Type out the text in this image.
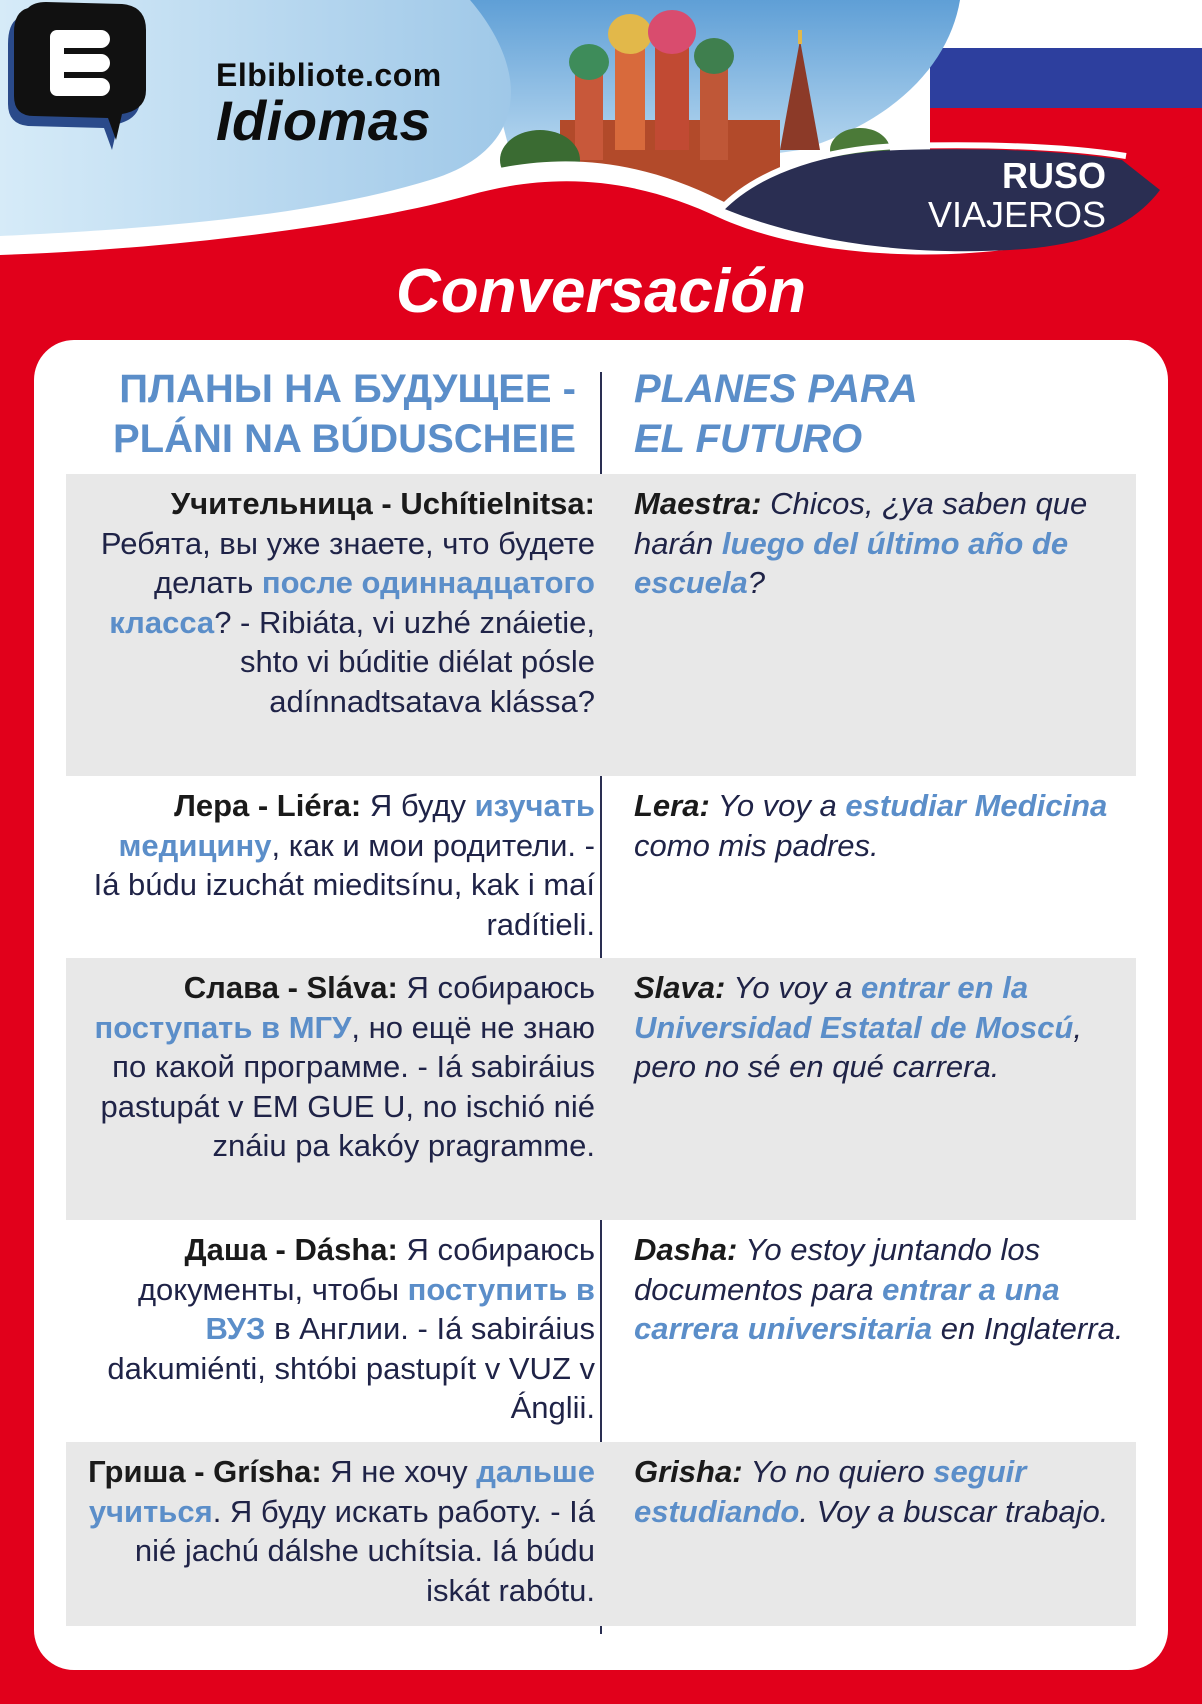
Elbibliote.com
Idiomas
RUSO
VIAJEROS
Conversación
ПЛАНЫ НА БУДУЩЕЕ -
PLÁNI NA BÚDUSCHEIE
PLANES PARA
EL FUTURO
Учительница - Uchítielnitsa: Ребята, вы уже знаете, что будете делать после одиннадцатого класса? - Ribiáta, vi uzhé znáietie, shto vi búditie diélat pósle adínnadtsatava klássa?
Maestra: Chicos, ¿ya saben que harán luego del último año de escuela?
Лера - Liéra: Я буду изучать медицину, как и мои родители. - Iá búdu izuchát mieditsínu, kak i maí radítieli.
Lera: Yo voy a estudiar Medicina como mis padres.
Слава - Sláva: Я собираюсь поступать в МГУ, но ещё не знаю по какой программе. - Iá sabiráius pastupát v EM GUE U, no ischió nié znáiu pa kakóy pragramme.
Slava: Yo voy a entrar en la Universidad Estatal de Moscú, pero no sé en qué carrera.
Даша - Dásha: Я собираюсь документы, чтобы поступить в ВУЗ в Англии. - Iá sabiráius dakumiénti, shtóbi pastupít v VUZ v Ánglii.
Dasha: Yo estoy juntando los documentos para entrar a una carrera universitaria en Inglaterra.
Гриша - Grísha: Я не хочу дальше учиться. Я буду искать работу. - Iá nié jachú dálshe uchítsia. Iá búdu iskát rabótu.
Grisha: Yo no quiero seguir estudiando. Voy a buscar trabajo.
